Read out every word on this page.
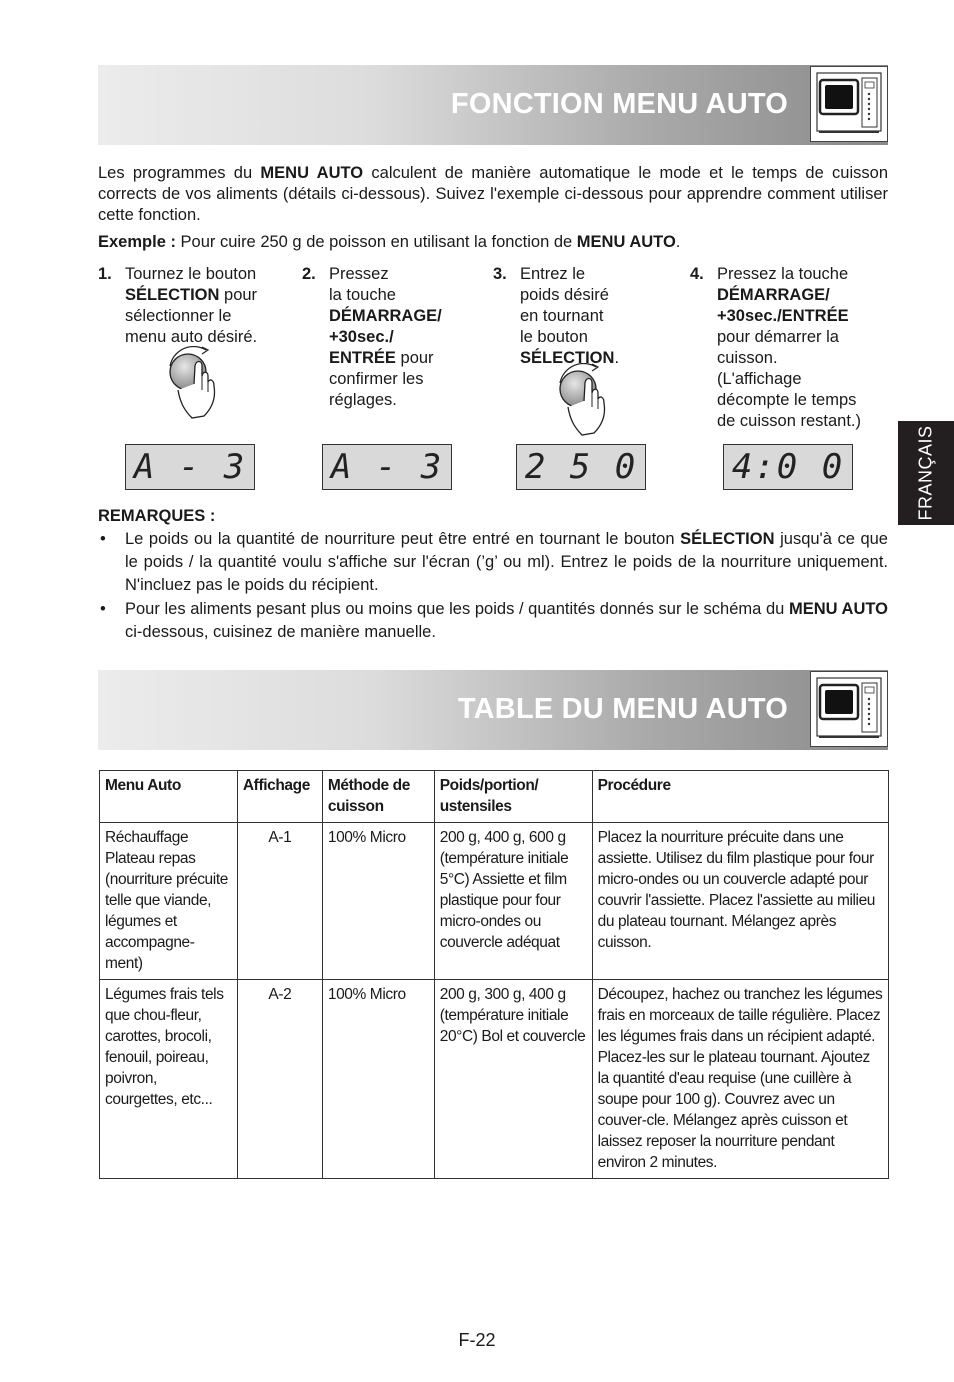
FONCTION MENU AUTO
Les programmes du MENU AUTO calculent de manière automatique le mode et le temps de cuisson corrects de vos aliments (détails ci-dessous). Suivez l'exemple ci-dessous pour apprendre comment utiliser cette fonction.
Exemple : Pour cuire 250 g de poisson en utilisant la fonction de MENU AUTO.
1. Tournez le bouton
SÉLECTION pour
sélectionner le
menu auto désiré.
2. Pressez
la touche
DÉMARRAGE/
+30sec./
ENTRÉE pour
confirmer les
réglages.
3. Entrez le
poids désiré
en tournant
le bouton
SÉLECTION.
4. Pressez la touche
DÉMARRAGE/
+30sec./ENTRÉE
pour démarrer la
cuisson.
(L'affichage
décompte le temps
de cuisson restant.)
A - 3 A - 3 2 5 0	4:0 0
REMARQUES :
• Le poids ou la quantité de nourriture peut être entré en tournant le bouton SÉLECTION jusqu'à ce que le poids / la quantité voulu s'affiche sur l'écran (’g’ ou ml). Entrez le poids de la nourriture uniquement. N'incluez pas le poids du récipient.
• Pour les aliments pesant plus ou moins que les poids / quantités donnés sur le schéma du MENU AUTO ci-dessous, cuisinez de manière manuelle.
TABLE DU MENU AUTO
Menu Auto	Affichage	Méthode de cuisson	Poids/portion/ ustensiles	Procédure
Réchauffage Plateau repas (nourriture précuite telle que viande, légumes et accompagne-ment)	A-1	100% Micro	200 g, 400 g, 600 g (température initiale 5°C) Assiette et film plastique pour four micro-ondes ou couvercle adéquat	Placez la nourriture précuite dans une assiette. Utilisez du film plastique pour four micro-ondes ou un couvercle adapté pour couvrir l'assiette. Placez l'assiette au milieu du plateau tournant. Mélangez après cuisson.
Légumes frais tels que chou-fleur, carottes, brocoli, fenouil, poireau, poivron, courgettes, etc...	A-2	100% Micro	200 g, 300 g, 400 g (température initiale 20°C) Bol et couvercle	Découpez, hachez ou tranchez les légumes frais en morceaux de taille régulière. Placez les légumes frais dans un récipient adapté. Placez-les sur le plateau tournant. Ajoutez la quantité d'eau requise (une cuillère à soupe pour 100 g). Couvrez avec un couver-cle. Mélangez après cuisson et laissez reposer la nourriture pendant environ 2 minutes.
FRANÇAIS
F-22
